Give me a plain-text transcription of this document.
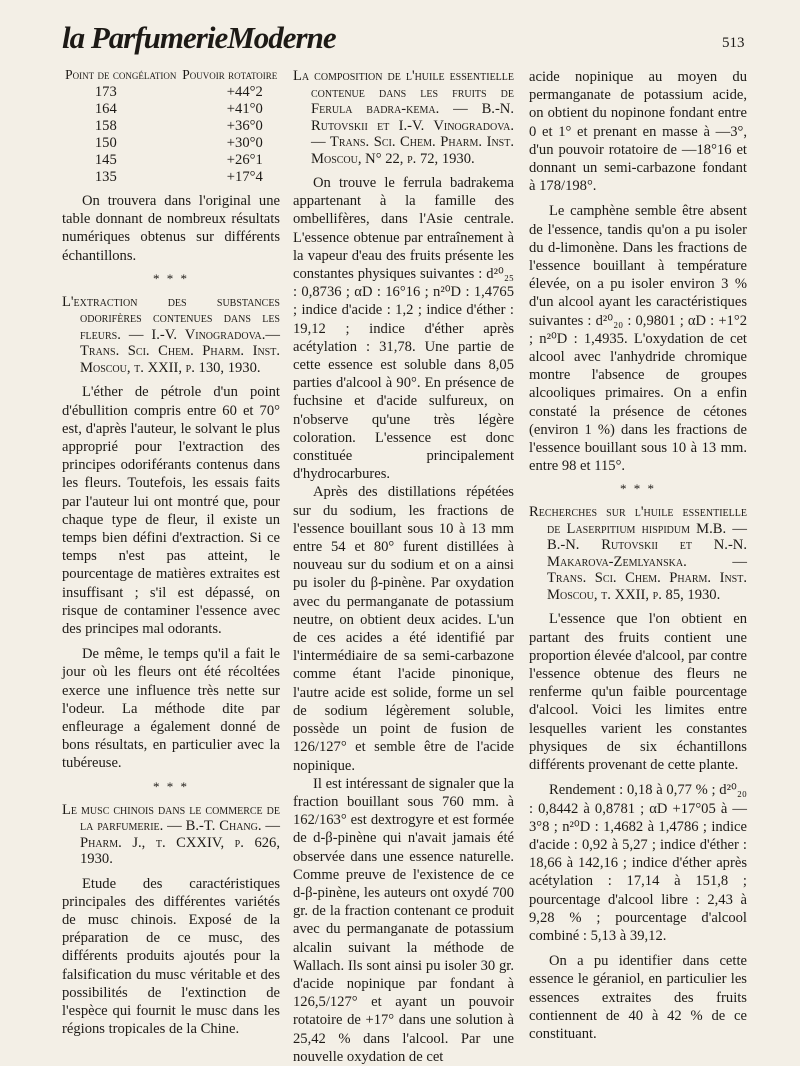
la ParfumerieModerne	513
Point de congélation	Pouvoir rotatoire
173	+44°2
164	+41°0
158	+36°0
150	+30°0
145	+26°1
135	+17°4

On trouvera dans l'original une table donnant de nombreux résultats numériques obtenus sur différents échantillons.

* * *

L'extraction des substances odorifères contenues dans les fleurs. — I.-V. Vinogradova.— Trans. Sci. Chem. Pharm. Inst. Moscou, t. XXII, p. 130, 1930.

L'éther de pétrole d'un point d'ébullition compris entre 60 et 70° est, d'après l'auteur, le solvant le plus approprié pour l'extraction des principes odoriférants contenus dans les fleurs. Toutefois, les essais faits par l'auteur lui ont montré que, pour chaque type de fleur, il existe un temps bien défini d'extraction. Si ce temps n'est pas atteint, le pourcentage de matières extraites est insuffisant ; s'il est dépassé, on risque de contaminer l'essence avec des principes mal odorants.

De même, le temps qu'il a fait le jour où les fleurs ont été récoltées exerce une influence très nette sur l'odeur. La méthode dite par enfleurage a également donné de bons résultats, en particulier avec la tubéreuse.

* * *

Le musc chinois dans le commerce de la parfumerie. — B.-T. Chang. — Pharm. J., t. CXXIV, p. 626, 1930.

Etude des caractéristiques principales des différentes variétés de musc chinois. Exposé de la préparation de ce musc, des différents produits ajoutés pour la falsification du musc véritable et des possibilités de l'extinction de l'espèce qui fournit le musc dans les régions tropicales de la Chine.

La composition de l'huile essentielle contenue dans les fruits de Ferula badra-kema. — B.-N. Rutovskii et I.-V. Vinogradova. — Trans. Sci. Chem. Pharm. Inst. Moscou, N° 22, p. 72, 1930.

On trouve le ferrula badrakema appartenant à la famille des ombellifères, dans l'Asie centrale. L'essence obtenue par entraînement à la vapeur d'eau des fruits présente les constantes physiques suivantes : d²⁰₂₅ : 0,8736 ; αD : 16°16 ; n²⁰D : 1,4765 ; indice d'acide : 1,2 ; indice d'éther : 19,12 ; indice d'éther après acétylation : 31,78. Une partie de cette essence est soluble dans 8,05 parties d'alcool à 90°. En présence de fuchsine et d'acide sulfureux, on n'observe qu'une très légère coloration. L'essence est donc constituée principalement d'hydrocarbures.

Après des distillations répétées sur du sodium, les fractions de l'essence bouillant sous 10 à 13 mm entre 54 et 80° furent distillées à nouveau sur du sodium et on a ainsi pu isoler du β-pinène. Par oxydation avec du permanganate de potassium neutre, on obtient deux acides. L'un de ces acides a été identifié par l'intermédiaire de sa semi-carbazone comme étant l'acide pinonique, l'autre acide est solide, forme un sel de sodium légèrement soluble, possède un point de fusion de 126/127° et semble être de l'acide nopinique.

Il est intéressant de signaler que la fraction bouillant sous 760 mm. à 162/163° est dextrogyre et est formée de d-β-pinène qui n'avait jamais été observée dans une essence naturelle. Comme preuve de l'existence de ce d-β-pinène, les auteurs ont oxydé 700 gr. de la fraction contenant ce produit avec du permanganate de potassium alcalin suivant la méthode de Wallach. Ils sont ainsi pu isoler 30 gr. d'acide nopinique par fondant à 126,5/127° et ayant un pouvoir rotatoire de +17° dans une solution à 25,42 % dans l'alcool. Par une nouvelle oxydation de cet

acide nopinique au moyen du permanganate de potassium acide, on obtient du nopinone fondant entre 0 et 1° et prenant en masse à —3°, d'un pouvoir rotatoire de —18°16 et donnant un semi-carbazone fondant à 178/198°.

Le camphène semble être absent de l'essence, tandis qu'on a pu isoler du d-limonène. Dans les fractions de l'essence bouillant à température élevée, on a pu isoler environ 3 % d'un alcool ayant les caractéristiques suivantes : d²⁰₂₀ : 0,9801 ; αD : +1°2 ; n²⁰D : 1,4935. L'oxydation de cet alcool avec l'anhydride chromique montre l'absence de groupes alcooliques primaires. On a enfin constaté la présence de cétones (environ 1 %) dans les fractions de l'essence bouillant sous 10 à 13 mm. entre 98 et 115°.

* * *

Recherches sur l'huile essentielle de Laserpitium hispidum M.B. — B.-N. Rutovskii et N.-N. Makarova-Zemlyanska. — Trans. Sci. Chem. Pharm. Inst. Moscou, t. XXII, p. 85, 1930.

L'essence que l'on obtient en partant des fruits contient une proportion élevée d'alcool, par contre l'essence obtenue des fleurs ne renferme qu'un faible pourcentage d'alcool. Voici les limites entre lesquelles varient les constantes physiques de six échantillons différents provenant de cette plante.

Rendement : 0,18 à 0,77 % ; d²⁰₂₀ : 0,8442 à 0,8781 ; αD +17°05 à —3°8 ; n²⁰D : 1,4682 à 1,4786 ; indice d'acide : 0,92 à 5,27 ; indice d'éther : 18,66 à 142,16 ; indice d'éther après acétylation : 17,14 à 151,8 ; pourcentage d'alcool libre : 2,43 à 9,28 % ; pourcentage d'alcool combiné : 5,13 à 39,12.

On a pu identifier dans cette essence le géraniol, en particulier les essences extraites des fruits contiennent de 40 à 42 % de ce constituant.
